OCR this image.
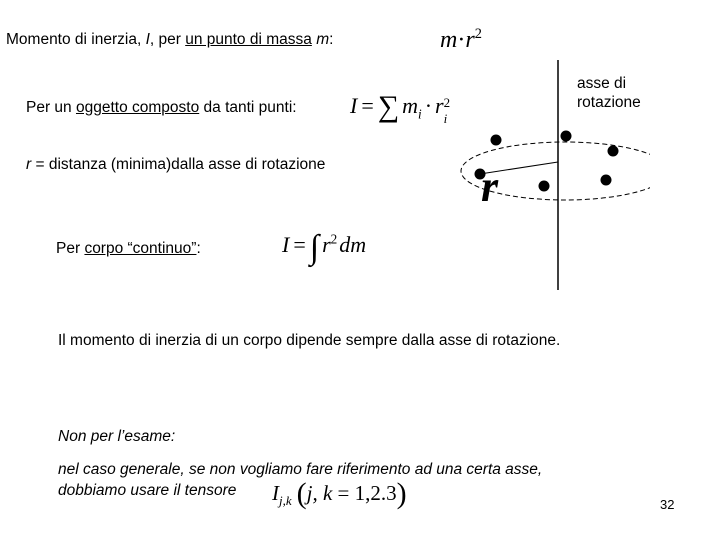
Momento di inerzia, I, per un punto di massa m:	$m\cdot r^2$
Per un oggetto composto da tanti punti: I = ∑ $m_i \cdot r$ 2
i
asse di
rotazione
r
r = distanza (minima)dalla asse di rotazione
Per corpo “continuo”:	I = ∫ $r^2dm$
Il momento di inerzia di un corpo dipende sempre dalla asse di rotazione.
Non per l’esame:
nel caso generale, se non vogliamo fare riferimento ad una certa asse,
dobbiamo usare il tensore $I_{j,k}$ (j, k = 1,2.3)	32
